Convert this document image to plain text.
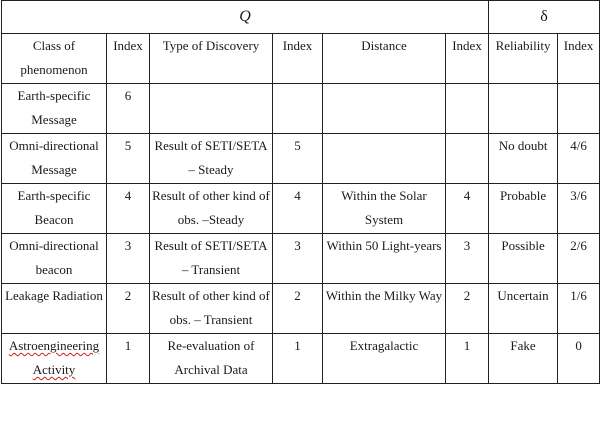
Q						δ	
Class of phenomenon	Index	Type of Discovery	Index	Distance	Index	Reliability	Index
Earth-specific Message	6						
Omni-directional Message	5	Result of SETI/SETA – Steady	5			No doubt	4/6
Earth-specific Beacon	4	Result of other kind of obs. –Steady	4	Within the Solar System	4	Probable	3/6
Omni-directional beacon	3	Result of SETI/SETA – Transient	3	Within 50 Light-years	3	Possible	2/6
Leakage Radiation	2	Result of other kind of obs. – Transient	2	Within the Milky Way	2	Uncertain	1/6
Astroengineering Activity	1	Re-evaluation of Archival Data	1	Extragalactic	1	Fake	0
